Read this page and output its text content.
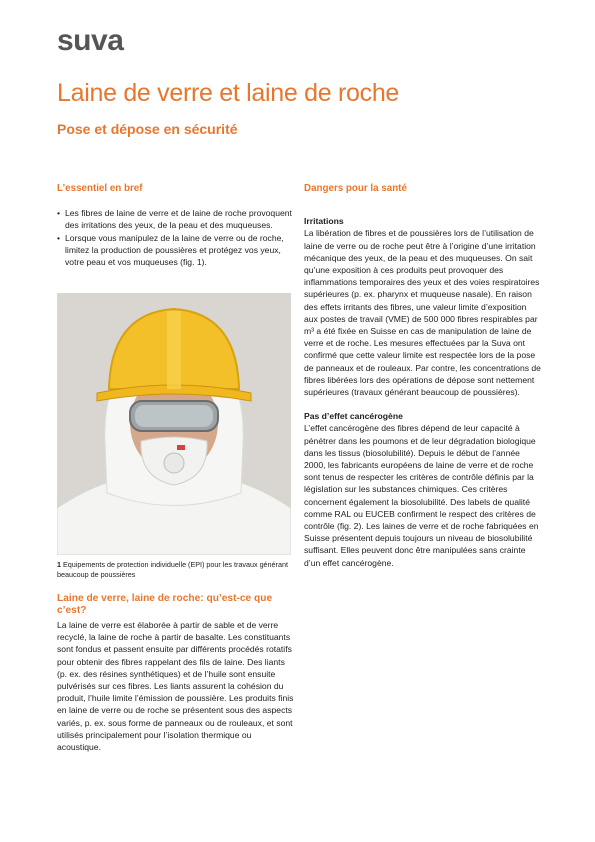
suva
Laine de verre et laine de roche
Pose et dépose en sécurité
L’essentiel en bref
• Les fibres de laine de verre et de laine de roche provoquent des irritations des yeux, de la peau et des muqueuses.
• Lorsque vous manipulez de la laine de verre ou de roche, limitez la production de poussières et protégez vos yeux, votre peau et vos muqueuses (fig. 1).
1 Equipements de protection individuelle (EPI) pour les travaux générant beaucoup de poussières
Laine de verre, laine de roche: qu’est-ce que c’est?

La laine de verre est élaborée à partir de sable et de verre recyclé, la laine de roche à partir de basalte. Les constituants sont fondus et passent ensuite par différents procédés rotatifs pour obtenir des fibres rappelant des fils de laine. Des liants (p. ex. des résines synthétiques) et de l’huile sont ensuite pulvérisés sur ces fibres. Les liants assurent la cohésion du produit, l’huile limite l’émission de poussière. Les produits finis en laine de verre ou de roche se présentent sous des aspects variés, p. ex. sous forme de panneaux ou de rouleaux, et sont utilisés principalement pour l’isolation thermique ou acoustique.

Dangers pour la santé

Irritations

La libération de fibres et de poussières lors de l’utilisation de laine de verre ou de roche peut être à l’origine d’une irritation mécanique des yeux, de la peau et des muqueuses. On sait qu’une exposition à ces produits peut provoquer des inflammations temporaires des yeux et des voies respiratoires supérieures (p. ex. pharynx et muqueuse nasale). En raison des effets irritants des fibres, une valeur limite d’exposition aux postes de travail (VME) de 500 000 fibres respirables par m³ a été fixée en Suisse en cas de manipulation de laine de verre et de roche. Les mesures effectuées par la Suva ont confirmé que cette valeur limite est respectée lors de la pose de panneaux et de rouleaux. Par contre, les concentrations de fibres libérées lors des opérations de dépose sont nettement supérieures (travaux générant beaucoup de poussières).

Pas d’effet cancérogène

L’effet cancérogène des fibres dépend de leur capacité à pénétrer dans les poumons et de leur dégradation biologique dans les tissus (biosolubilité). Depuis le début de l’année 2000, les fabricants européens de laine de verre et de roche sont tenus de respecter les critères de contrôle définis par la législation sur les substances chimiques. Ces critères concernent également la biosolubilité. Des labels de qualité comme RAL ou EUCEB confirment le respect des critères de contrôle (fig. 2). Les laines de verre et de roche fabriquées en Suisse présentent depuis toujours un niveau de biosolubilité suffisant. Elles peuvent donc être manipulées sans crainte d’un effet cancérogène.
